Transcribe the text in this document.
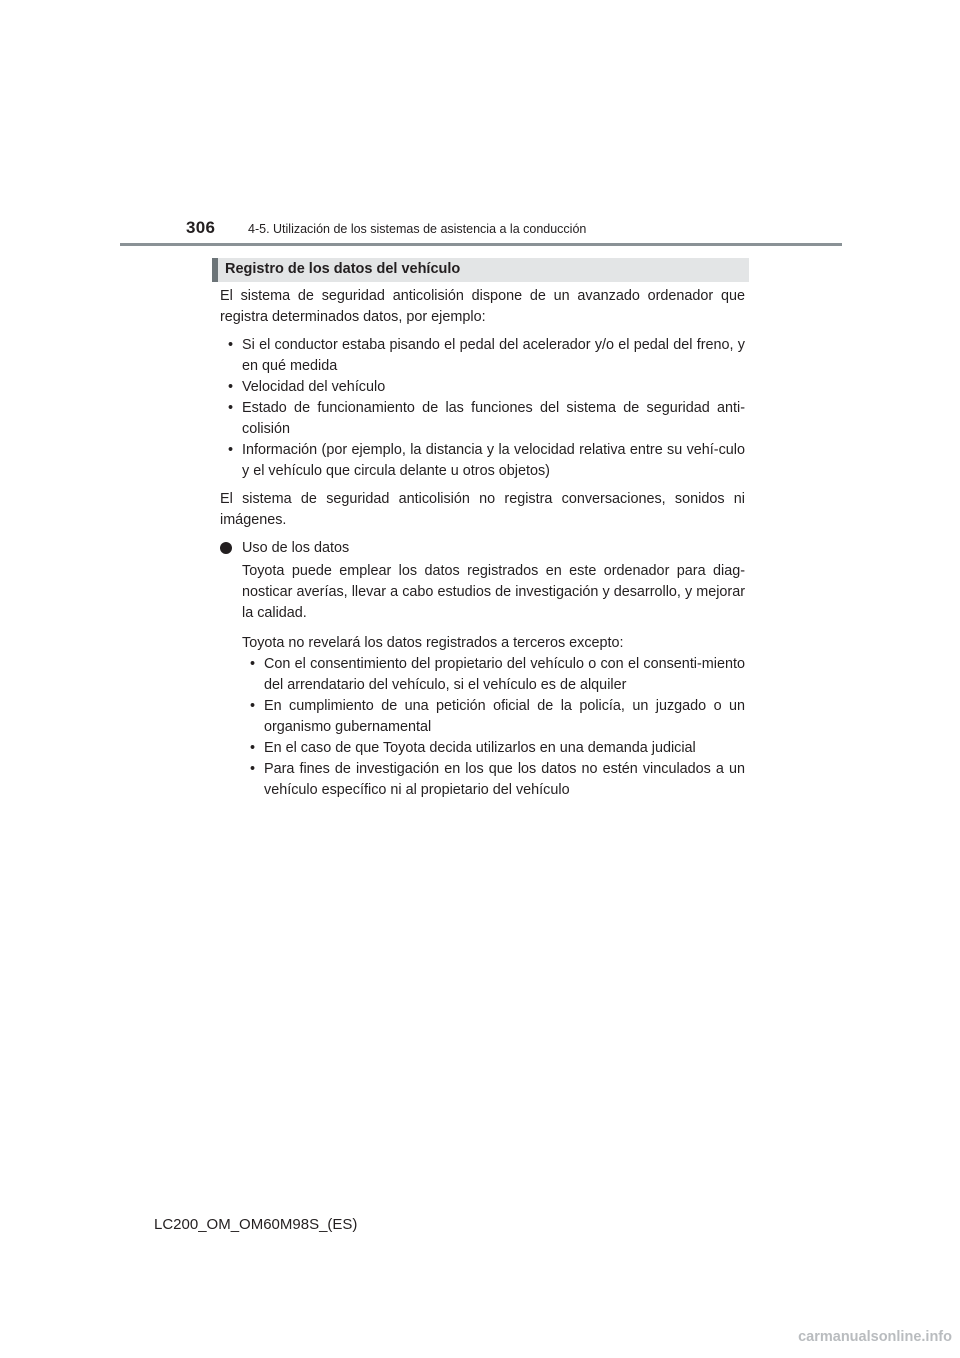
306	4-5. Utilización de los sistemas de asistencia a la conducción
Registro de los datos del vehículo

El sistema de seguridad anticolisión dispone de un avanzado ordenador que registra determinados datos, por ejemplo:

• Si el conductor estaba pisando el pedal del acelerador y/o el pedal del freno, y en qué medida
• Velocidad del vehículo
• Estado de funcionamiento de las funciones del sistema de seguridad anti-colisión
• Información (por ejemplo, la distancia y la velocidad relativa entre su vehí-culo y el vehículo que circula delante u otros objetos)

El sistema de seguridad anticolisión no registra conversaciones, sonidos ni imágenes.

Uso de los datos

Toyota puede emplear los datos registrados en este ordenador para diag-nosticar averías, llevar a cabo estudios de investigación y desarrollo, y mejorar la calidad.

Toyota no revelará los datos registrados a terceros excepto:

• Con el consentimiento del propietario del vehículo o con el consenti-miento del arrendatario del vehículo, si el vehículo es de alquiler
• En cumplimiento de una petición oficial de la policía, un juzgado o un organismo gubernamental
• En el caso de que Toyota decida utilizarlos en una demanda judicial
• Para fines de investigación en los que los datos no estén vinculados a un vehículo específico ni al propietario del vehículo
LC200_OM_OM60M98S_(ES)
carmanualsonline.info
